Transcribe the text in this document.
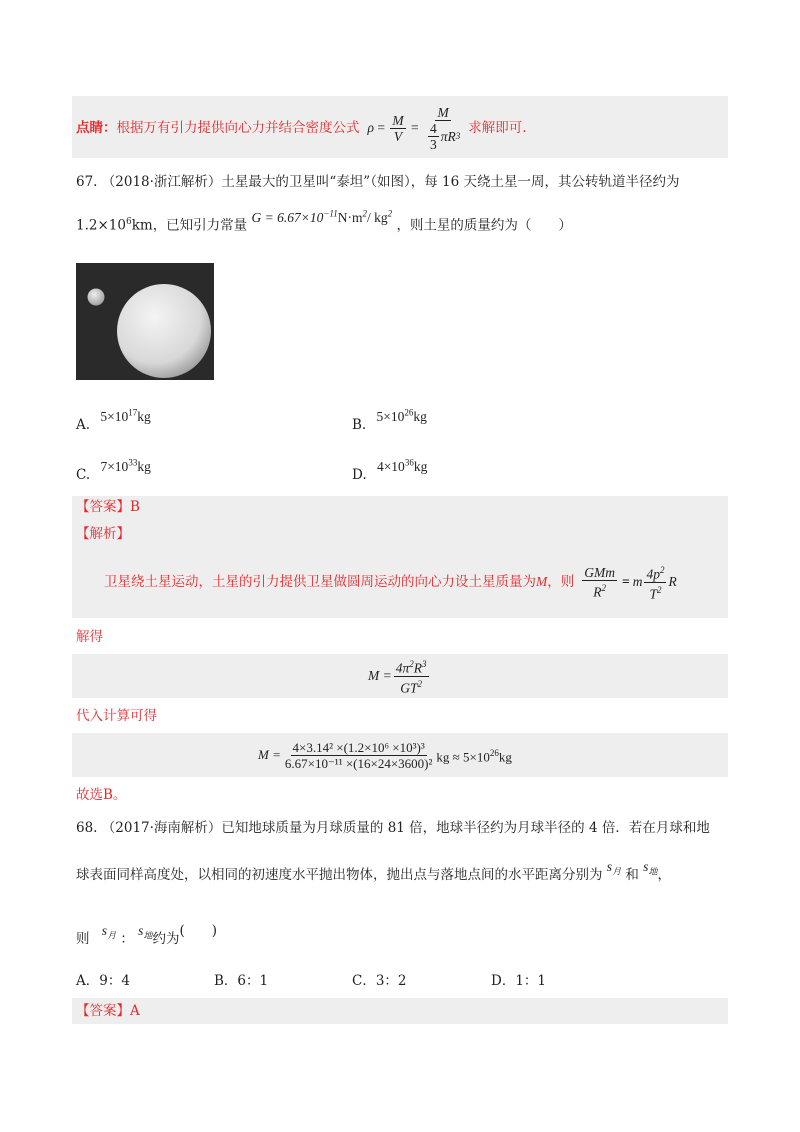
点睛： 根据万有引力提供向心力并结合密度公式 $\rho = \frac{M}{V} = \frac{M}{\frac{4}{3} \pi R 3}$ 求解即可.
67. （2018·浙江解析）土星最大的卫星叫“泰坦”（如图），每 16 天绕土星一周，其公转轨道半径约为
$1.2\times 10^6km$，已知引力常量 $G = 6.67\times 10^{-11}N\cdot m^2/$ $kg^2$ ，则土星的质量约为（　　）
A. $5\times 10^{17}kg$
B. $5\times 10^{26}kg$
C. $7\times 10^{33}kg$
D. $4\times 10^{36}kg$
【答案】B
【解析】
卫星绕土星运动，土星的引力提供卫星做圆周运动的向心力设土星质量为 M ，则 $\frac{\text{GMm}}{R^2} = m \frac{4p^2}{T^2}$ R
解得
$M = \frac{4\pi^2R^3}{GT^2}$
代入计算可得
$M = \frac{\text{4×3.14² ×(1.2×10⁶ ×10³)³}}{\text{6.67×10⁻¹¹ ×(16×24×3600)²}}$ kg ≈ $5\times 10^{26}kg$
故选B。
68. （2017·海南解析）已知地球质量为月球质量的 81 倍，地球半径约为月球半径的 4 倍．若在月球和地
球表面同样高度处，以相同的初速度水平抛出物体，抛出点与落地点间的水平距离分别为 $s_月$ 和 $s_地$，
则 $s_月$ ： $s_地$约为(　　)
A．9：4	B．6：1	C．3：2	D．1：1
【答案】A
